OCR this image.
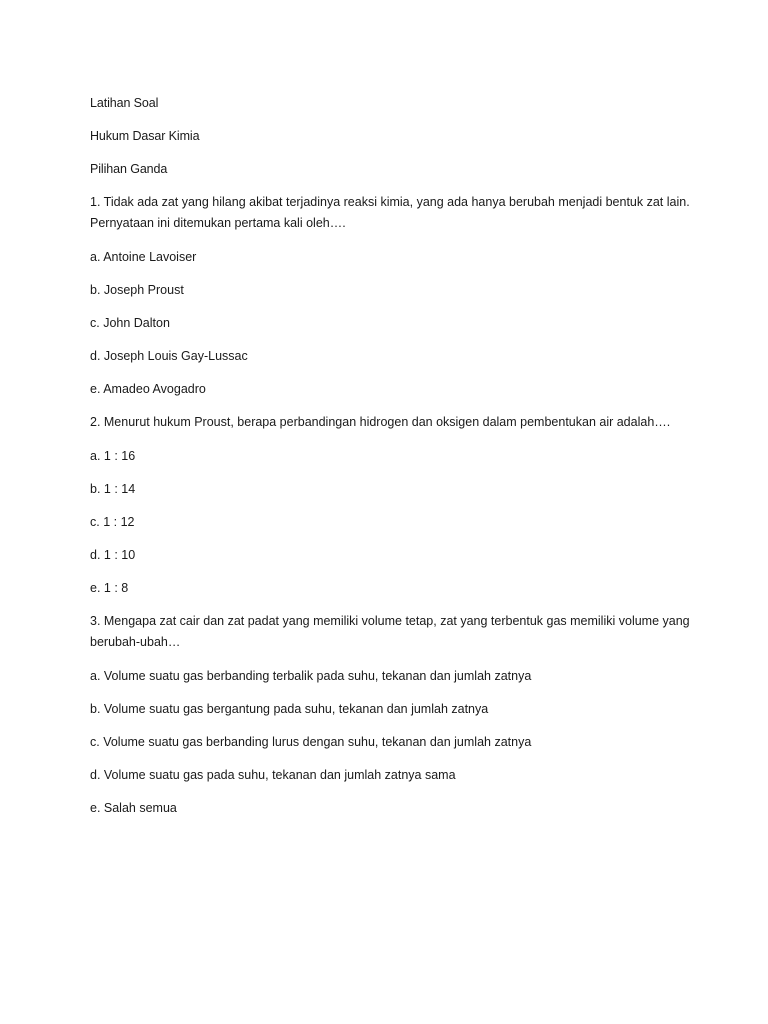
Latihan Soal

Hukum Dasar Kimia

Pilihan Ganda

1. Tidak ada zat yang hilang akibat terjadinya reaksi kimia, yang ada hanya berubah menjadi bentuk zat lain. Pernyataan ini ditemukan pertama kali oleh….

a. Antoine Lavoiser

b. Joseph Proust

c. John Dalton

d. Joseph Louis Gay-Lussac

e. Amadeo Avogadro

2. Menurut hukum Proust, berapa perbandingan hidrogen dan oksigen dalam pembentukan air adalah….

a. 1 : 16

b. 1 : 14

c. 1 : 12

d. 1 : 10

e. 1 : 8

3. Mengapa zat cair dan zat padat yang memiliki volume tetap, zat yang terbentuk gas memiliki volume yang berubah-ubah…

a. Volume suatu gas berbanding terbalik pada suhu, tekanan dan jumlah zatnya

b. Volume suatu gas bergantung pada suhu, tekanan dan jumlah zatnya

c. Volume suatu gas berbanding lurus dengan suhu, tekanan dan jumlah zatnya

d. Volume suatu gas pada suhu, tekanan dan jumlah zatnya sama

e. Salah semua
